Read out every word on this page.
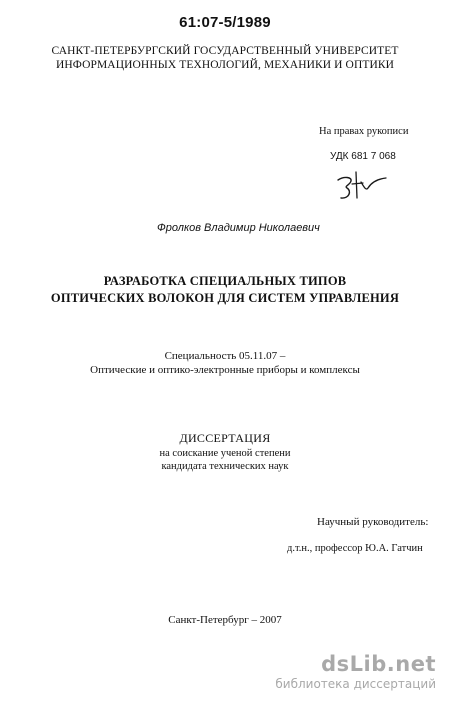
61:07-5/1989
САНКТ-ПЕТЕРБУРГСКИЙ ГОСУДАРСТВЕННЫЙ УНИВЕРСИТЕТ
ИНФОРМАЦИОННЫХ ТЕХНОЛОГИЙ, МЕХАНИКИ И ОПТИКИ
На правах рукописи
УДК 681 7 068
Фролков Владимир Николаевич
РАЗРАБОТКА СПЕЦИАЛЬНЫХ ТИПОВ
ОПТИЧЕСКИХ ВОЛОКОН ДЛЯ СИСТЕМ УПРАВЛЕНИЯ
Специальность 05.11.07 –
Оптические и оптико-электронные приборы и комплексы
ДИССЕРТАЦИЯ
на соискание ученой степени
кандидата технических наук
Научный руководитель:
д.т.н., профессор Ю.А. Гатчин
Санкт-Петербург – 2007
dsLib.net
библиотека диссертаций
